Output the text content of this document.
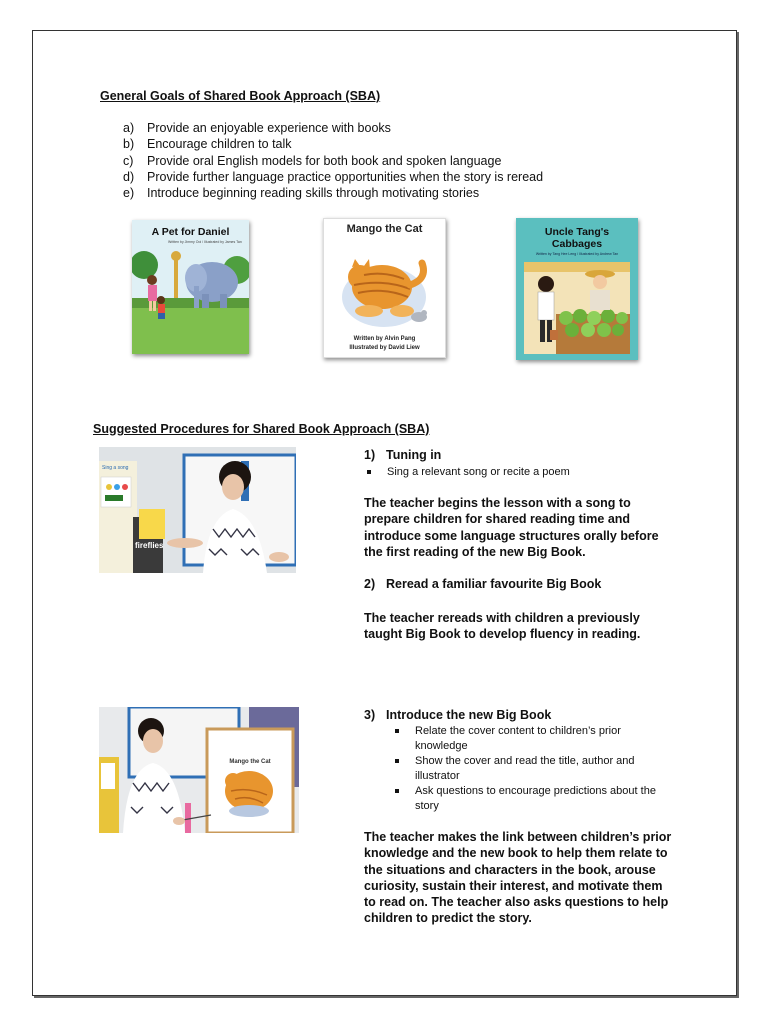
General Goals of Shared Book Approach (SBA)
a) Provide an enjoyable experience with books
b) Encourage children to talk
c) Provide oral English models for both book and spoken language
d) Provide further language practice opportunities when the story is reread
e) Introduce beginning reading skills through motivating stories
A Pet for Daniel
Written by Jimmy Ooi / Illustrated by James Tan
Mango the Cat
Written by Alvin Pang
Illustrated by David Liew
Uncle Tang's
Cabbages
Written by Tang Hee Leng / Illustrated by Andrew Tan
Suggested Procedures for Shared Book Approach (SBA)
Sing a song
fireflies
1) Tuning in
Sing a relevant song or recite a poem
The teacher begins the lesson with a song to prepare children for shared reading time and introduce some language structures orally before the first reading of the new Big Book.
2) Reread a familiar favourite Big Book
The teacher rereads with children a previously taught Big Book to develop fluency in reading.
Mango the Cat
3) Introduce the new Big Book
Relate the cover content to children’s prior knowledge
Show the cover and read the title, author and illustrator
Ask questions to encourage predictions about the story
The teacher makes the link between children’s prior knowledge and the new book to help them relate to the situations and characters in the book, arouse curiosity, sustain their interest, and motivate them to read on. The teacher also asks questions to help children to predict the story.
